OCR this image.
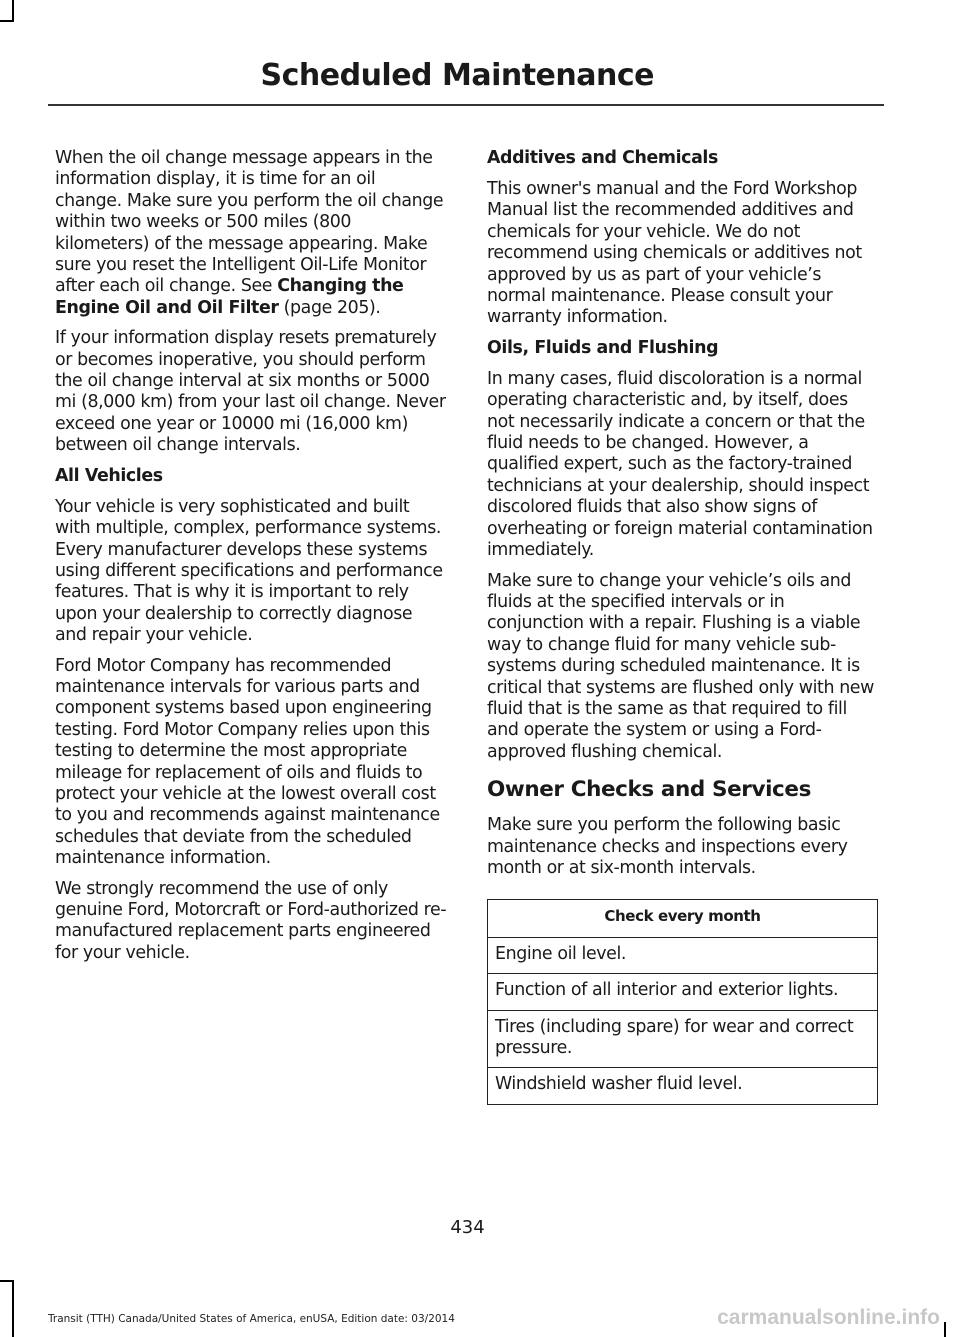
Scheduled Maintenance

When the oil change message appears in the information display, it is time for an oil change. Make sure you perform the oil change within two weeks or 500 miles (800 kilometers) of the message appearing. Make sure you reset the Intelligent Oil-Life Monitor after each oil change. See Changing the Engine Oil and Oil Filter (page 205).

If your information display resets prematurely or becomes inoperative, you should perform the oil change interval at six months or 5000 mi (8,000 km) from your last oil change. Never exceed one year or 10000 mi (16,000 km) between oil change intervals.

All Vehicles

Your vehicle is very sophisticated and built with multiple, complex, performance systems. Every manufacturer develops these systems using different specifications and performance features. That is why it is important to rely upon your dealership to correctly diagnose and repair your vehicle.

Ford Motor Company has recommended maintenance intervals for various parts and component systems based upon engineering testing. Ford Motor Company relies upon this testing to determine the most appropriate mileage for replacement of oils and fluids to protect your vehicle at the lowest overall cost to you and recommends against maintenance schedules that deviate from the scheduled maintenance information.

We strongly recommend the use of only genuine Ford, Motorcraft or Ford-authorized re-manufactured replacement parts engineered for your vehicle.

Additives and Chemicals

This owner's manual and the Ford Workshop Manual list the recommended additives and chemicals for your vehicle. We do not recommend using chemicals or additives not approved by us as part of your vehicle’s normal maintenance. Please consult your warranty information.

Oils, Fluids and Flushing

In many cases, fluid discoloration is a normal operating characteristic and, by itself, does not necessarily indicate a concern or that the fluid needs to be changed. However, a qualified expert, such as the factory-trained technicians at your dealership, should inspect discolored fluids that also show signs of overheating or foreign material contamination immediately.

Make sure to change your vehicle’s oils and fluids at the specified intervals or in conjunction with a repair. Flushing is a viable way to change fluid for many vehicle sub-systems during scheduled maintenance. It is critical that systems are flushed only with new fluid that is the same as that required to fill and operate the system or using a Ford-approved flushing chemical.

Owner Checks and Services

Make sure you perform the following basic maintenance checks and inspections every month or at six-month intervals.

Check every month
Engine oil level.
Function of all interior and exterior lights.
Tires (including spare) for wear and correct pressure.
Windshield washer fluid level.
434
Transit (TTH) Canada/United States of America, enUSA, Edition date: 03/2014	carmanualsonline.info
